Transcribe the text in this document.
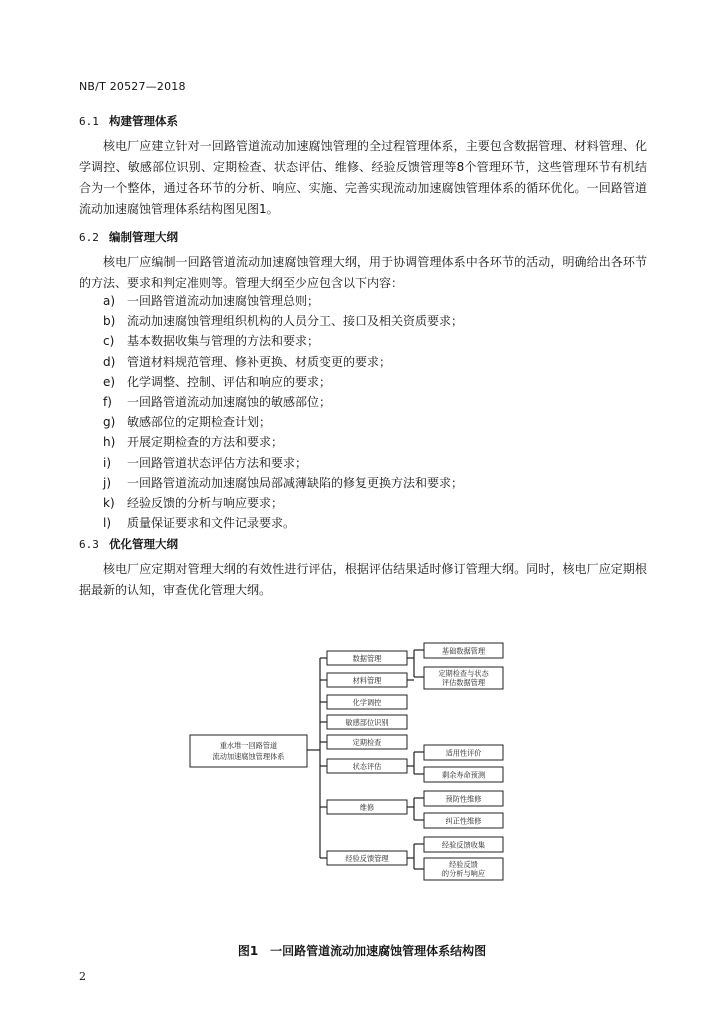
NB/T 20527—2018
6.1 构建管理体系

核电厂应建立针对一回路管道流动加速腐蚀管理的全过程管理体系，主要包含数据管理、材料管理、化学调控、敏感部位识别、定期检查、状态评估、维修、经验反馈管理等8个管理环节，这些管理环节有机结合为一个整体，通过各环节的分析、响应、实施、完善实现流动加速腐蚀管理体系的循环优化。一回路管道流动加速腐蚀管理体系结构图见图1。

6.2 编制管理大纲

核电厂应编制一回路管道流动加速腐蚀管理大纲，用于协调管理体系中各环节的活动，明确给出各环节的方法、要求和判定准则等。管理大纲至少应包含以下内容：

a) 一回路管道流动加速腐蚀管理总则；
b) 流动加速腐蚀管理组织机构的人员分工、接口及相关资质要求；
c) 基本数据收集与管理的方法和要求；
d) 管道材料规范管理、修补更换、材质变更的要求；
e) 化学调整、控制、评估和响应的要求；
f) 一回路管道流动加速腐蚀的敏感部位；
g) 敏感部位的定期检查计划；
h) 开展定期检查的方法和要求；
i) 一回路管道状态评估方法和要求；
j) 一回路管道流动加速腐蚀局部减薄缺陷的修复更换方法和要求；
k) 经验反馈的分析与响应要求；
l) 质量保证要求和文件记录要求。
6.3 优化管理大纲

核电厂应定期对管理大纲的有效性进行评估，根据评估结果适时修订管理大纲。同时，核电厂应定期根据最新的认知，审查优化管理大纲。

重水堆一回路管道
流动加速腐蚀管理体系
数据管理
材料管理
化学调控
敏感部位识别
定期检查
状态评估
维修
经验反馈管理
基础数据管理
定期检查与状态
评估数据管理
适用性评价
剩余寿命预测
预防性维修
纠正性维修
经验反馈收集
经验反馈
的分析与响应
图1　一回路管道流动加速腐蚀管理体系结构图
2
